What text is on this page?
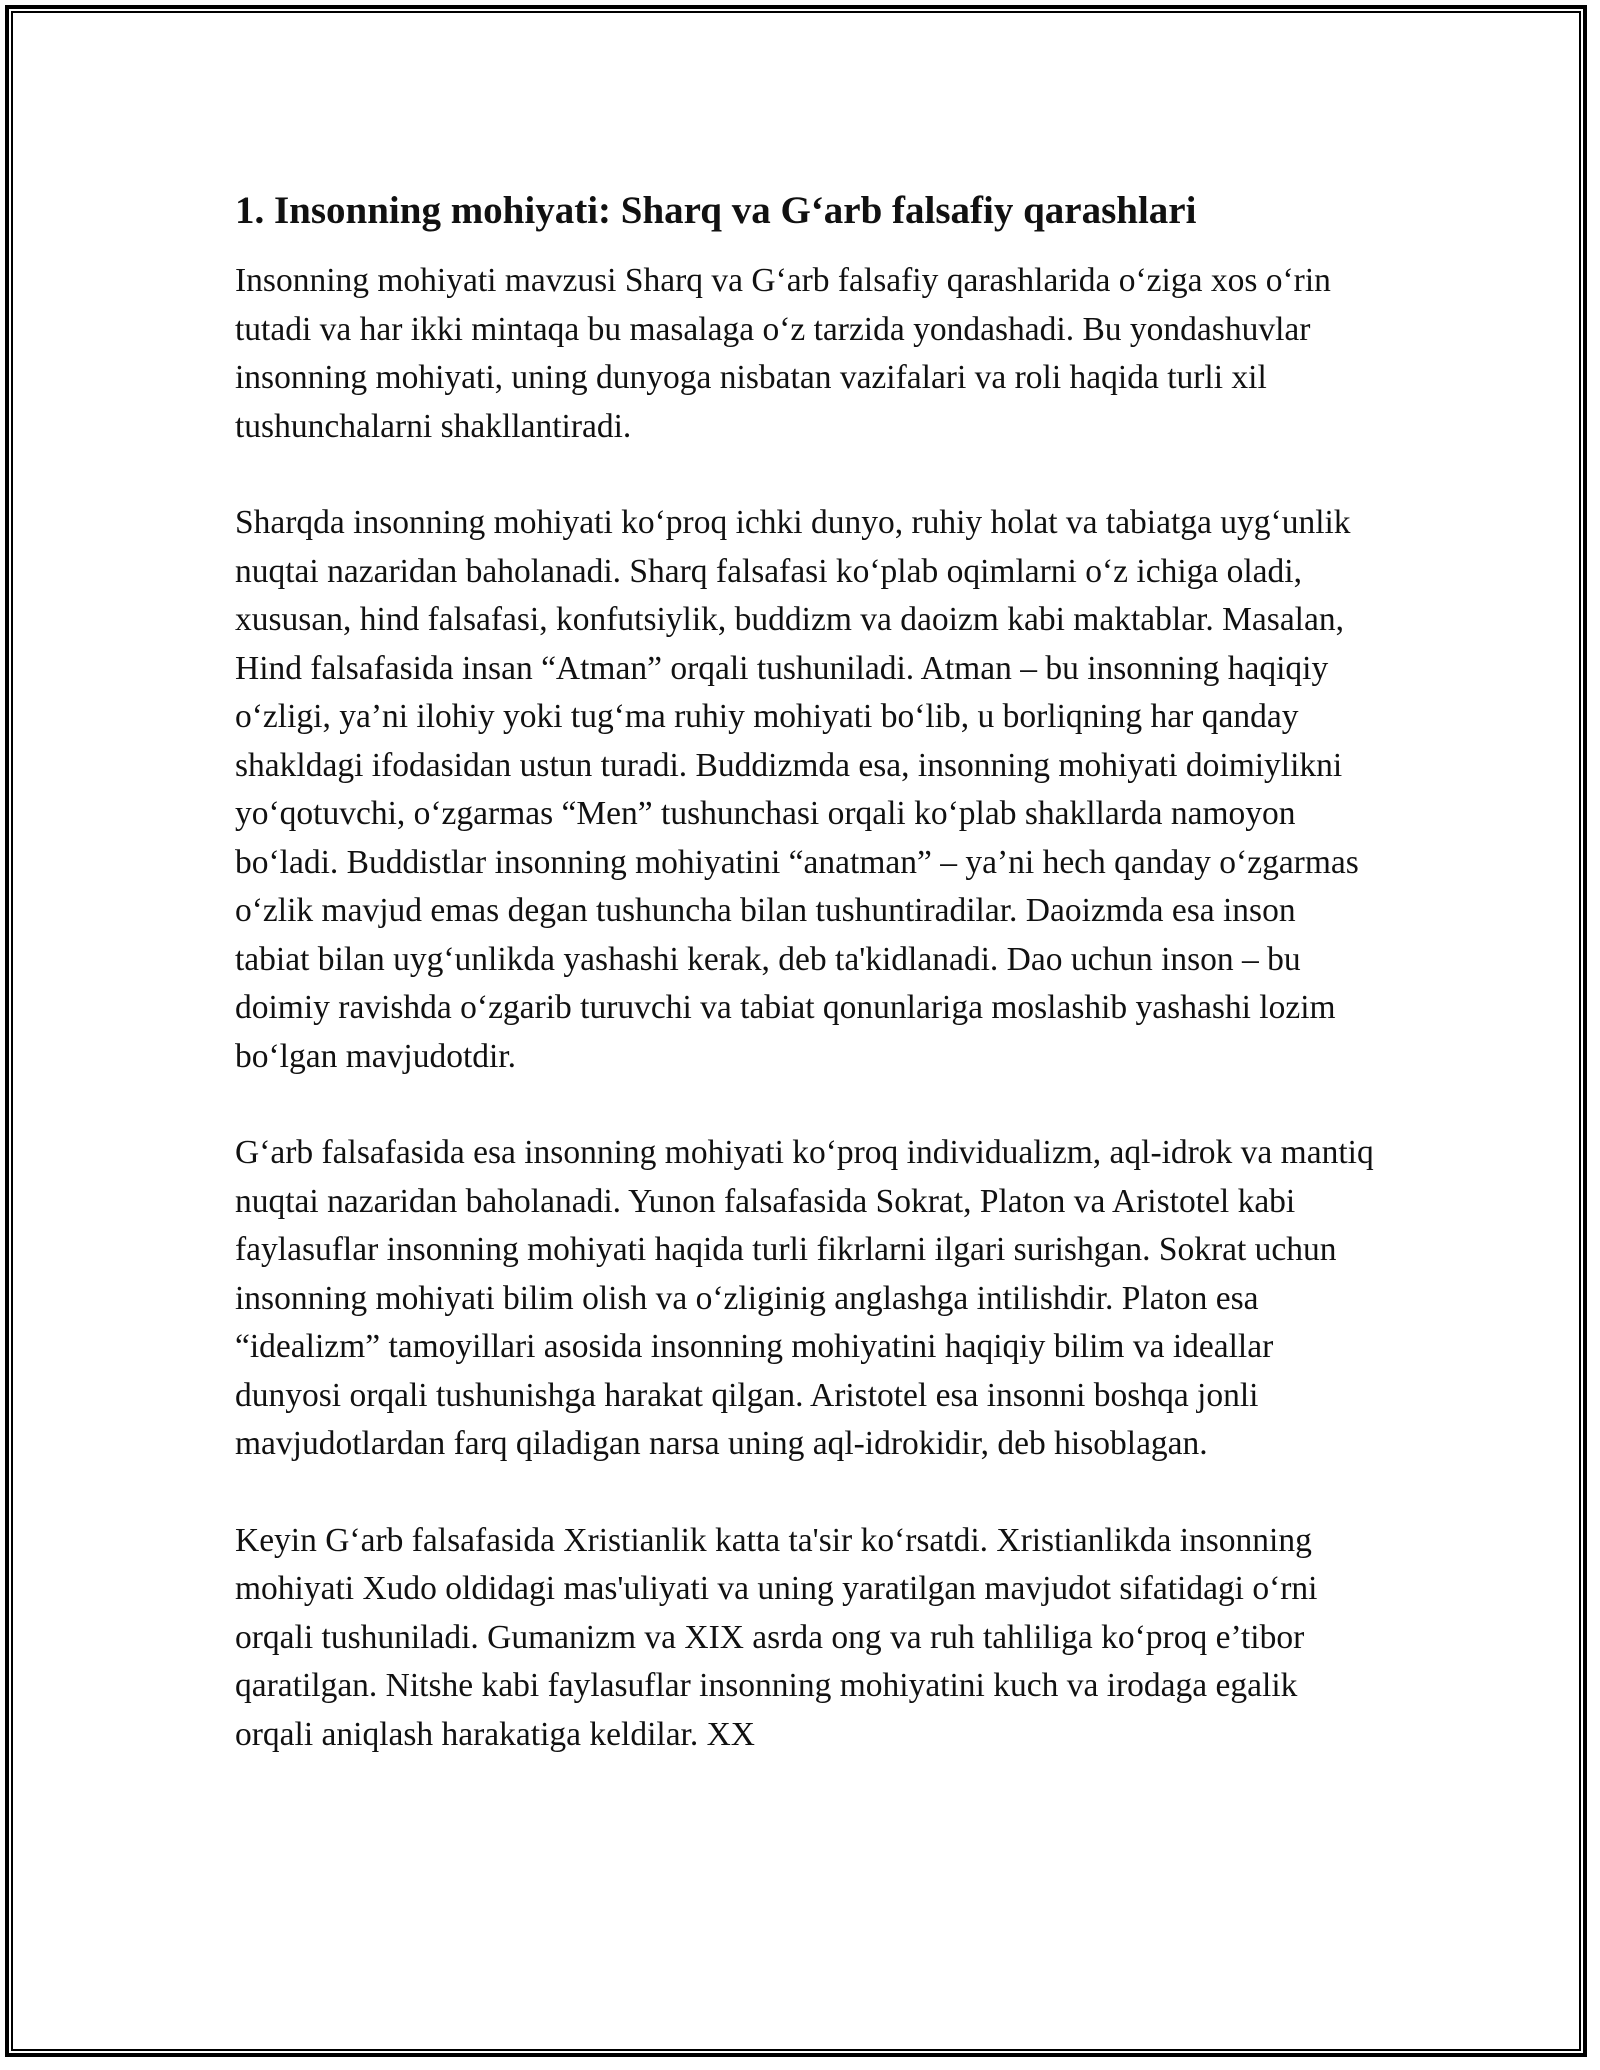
1. Insonning mohiyati: Sharq va G‘arb falsafiy qarashlari

Insonning mohiyati mavzusi Sharq va G‘arb falsafiy qarashlarida o‘ziga xos o‘rin tutadi va har ikki mintaqa bu masalaga o‘z tarzida yondashadi. Bu yondashuvlar insonning mohiyati, uning dunyoga nisbatan vazifalari va roli haqida turli xil tushunchalarni shakllantiradi.

Sharqda insonning mohiyati ko‘proq ichki dunyo, ruhiy holat va tabiatga uyg‘unlik nuqtai nazaridan baholanadi. Sharq falsafasi ko‘plab oqimlarni o‘z ichiga oladi, xususan, hind falsafasi, konfutsiylik, buddizm va daoizm kabi maktablar. Masalan, Hind falsafasida insan “Atman” orqali tushuniladi. Atman – bu insonning haqiqiy o‘zligi, ya’ni ilohiy yoki tug‘ma ruhiy mohiyati bo‘lib, u borliqning har qanday shakldagi ifodasidan ustun turadi. Buddizmda esa, insonning mohiyati doimiylikni yo‘qotuvchi, o‘zgarmas “Men” tushunchasi orqali ko‘plab shakllarda namoyon bo‘ladi. Buddistlar insonning mohiyatini “anatman” – ya’ni hech qanday o‘zgarmas o‘zlik mavjud emas degan tushuncha bilan tushuntiradilar. Daoizmda esa inson tabiat bilan uyg‘unlikda yashashi kerak, deb ta'kidlanadi. Dao uchun inson – bu doimiy ravishda o‘zgarib turuvchi va tabiat qonunlariga moslashib yashashi lozim bo‘lgan mavjudotdir.

G‘arb falsafasida esa insonning mohiyati ko‘proq individualizm, aql-idrok va mantiq nuqtai nazaridan baholanadi. Yunon falsafasida Sokrat, Platon va Aristotel kabi faylasuflar insonning mohiyati haqida turli fikrlarni ilgari surishgan. Sokrat uchun insonning mohiyati bilim olish va o‘zliginig anglashga intilishdir. Platon esa “idealizm” tamoyillari asosida insonning mohiyatini haqiqiy bilim va ideallar dunyosi orqali tushunishga harakat qilgan. Aristotel esa insonni boshqa jonli mavjudotlardan farq qiladigan narsa uning aql-idrokidir, deb hisoblagan.

Keyin G‘arb falsafasida Xristianlik katta ta'sir ko‘rsatdi. Xristianlikda insonning mohiyati Xudo oldidagi mas'uliyati va uning yaratilgan mavjudot sifatidagi o‘rni orqali tushuniladi. Gumanizm va XIX asrda ong va ruh tahliliga ko‘proq e’tibor qaratilgan. Nitshe kabi faylasuflar insonning mohiyatini kuch va irodaga egalik orqali aniqlash harakatiga keldilar. XX
